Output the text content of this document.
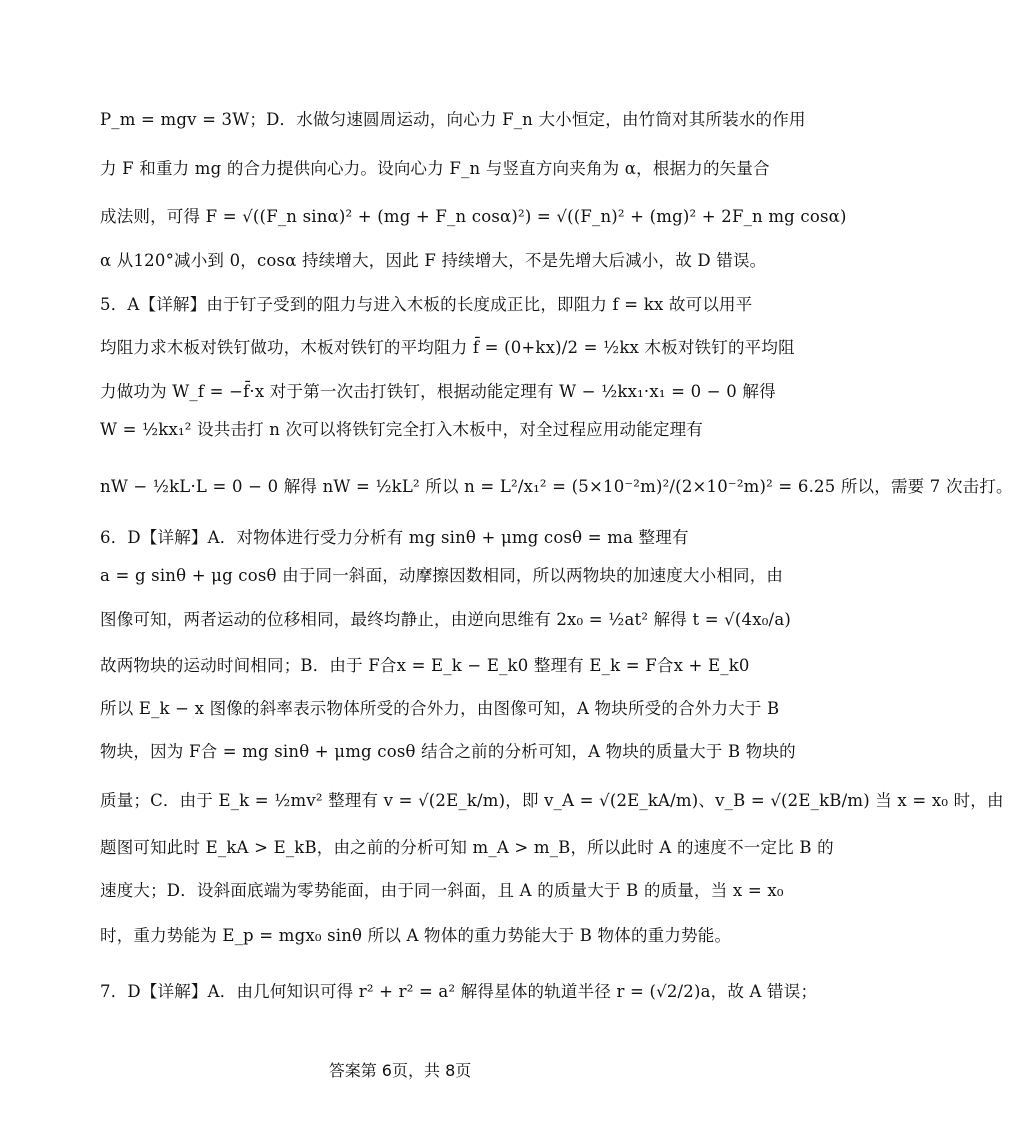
P_m = mgv = 3W；D．水做匀速圆周运动，向心力 F_n 大小恒定，由竹筒对其所装水的作用
力 F 和重力 mg 的合力提供向心力。设向心力 F_n 与竖直方向夹角为 α，根据力的矢量合
成法则，可得 F = √((F_n sinα)² + (mg + F_n cosα)²) = √((F_n)² + (mg)² + 2F_n mg cosα)
α 从120°减小到 0，cosα 持续增大，因此 F 持续增大，不是先增大后减小，故 D 错误。
5．A【详解】由于钉子受到的阻力与进入木板的长度成正比，即阻力 f = kx 故可以用平
均阻力求木板对铁钉做功，木板对铁钉的平均阻力 f̄ = (0+kx)/2 = ½kx 木板对铁钉的平均阻
力做功为 W_f = −f̄·x 对于第一次击打铁钉，根据动能定理有 W − ½kx₁·x₁ = 0 − 0 解得
W = ½kx₁² 设共击打 n 次可以将铁钉完全打入木板中，对全过程应用动能定理有
nW − ½kL·L = 0 − 0 解得 nW = ½kL² 所以 n = L²/x₁² = (5×10⁻²m)²/(2×10⁻²m)² = 6.25 所以，需要 7 次击打。
6．D【详解】A．对物体进行受力分析有 mg sinθ + μmg cosθ = ma 整理有
a = g sinθ + μg cosθ 由于同一斜面，动摩擦因数相同，所以两物块的加速度大小相同，由
图像可知，两者运动的位移相同，最终均静止，由逆向思维有 2x₀ = ½at² 解得 t = √(4x₀/a)
故两物块的运动时间相同；B．由于 F合x = E_k − E_k0 整理有 E_k = F合x + E_k0
所以 E_k − x 图像的斜率表示物体所受的合外力，由图像可知，A 物块所受的合外力大于 B
物块，因为 F合 = mg sinθ + μmg cosθ 结合之前的分析可知，A 物块的质量大于 B 物块的
质量；C．由于 E_k = ½mv² 整理有 v = √(2E_k/m)，即 v_A = √(2E_kA/m)、v_B = √(2E_kB/m) 当 x = x₀ 时，由
题图可知此时 E_kA > E_kB，由之前的分析可知 m_A > m_B，所以此时 A 的速度不一定比 B 的
速度大；D．设斜面底端为零势能面，由于同一斜面，且 A 的质量大于 B 的质量，当 x = x₀
时，重力势能为 E_p = mgx₀ sinθ 所以 A 物体的重力势能大于 B 物体的重力势能。
7．D【详解】A．由几何知识可得 r² + r² = a² 解得星体的轨道半径 r = (√2/2)a，故 A 错误；
答案第 6页，共 8页
